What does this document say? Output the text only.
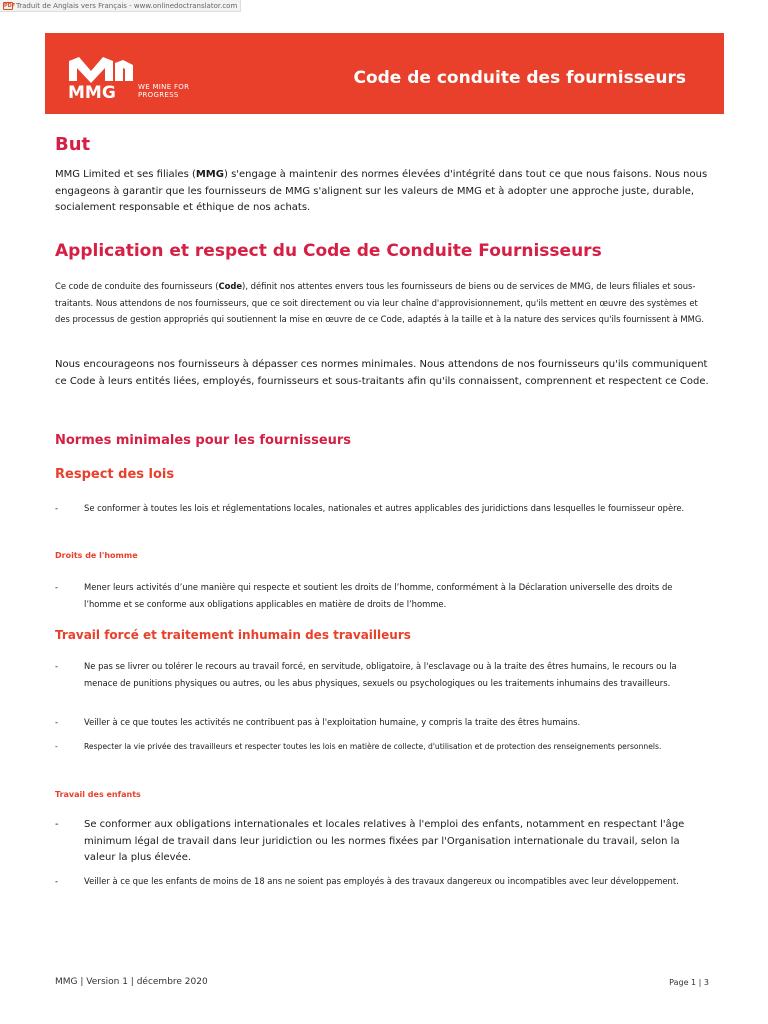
PDF Traduit de Anglais vers Français - www.onlinedoctranslator.com
MMG	WE MINE FOR
PROGRESS
Code de conduite des fournisseurs
But
MMG Limited et ses filiales (MMG) s'engage à maintenir des normes élevées d'intégrité dans tout ce que nous faisons. Nous nous engageons à garantir que les fournisseurs de MMG s'alignent sur les valeurs de MMG et à adopter une approche juste, durable, socialement responsable et éthique de nos achats.
Application et respect du Code de Conduite Fournisseurs
Ce code de conduite des fournisseurs (Code), définit nos attentes envers tous les fournisseurs de biens ou de services de MMG, de leurs filiales et sous-traitants. Nous attendons de nos fournisseurs, que ce soit directement ou via leur chaîne d'approvisionnement, qu'ils mettent en œuvre des systèmes et des processus de gestion appropriés qui soutiennent la mise en œuvre de ce Code, adaptés à la taille et à la nature des services qu'ils fournissent à MMG.
Nous encourageons nos fournisseurs à dépasser ces normes minimales. Nous attendons de nos fournisseurs qu'ils communiquent ce Code à leurs entités liées, employés, fournisseurs et sous-traitants afin qu'ils connaissent, comprennent et respectent ce Code.
Normes minimales pour les fournisseurs
Respect des lois
-	Se conformer à toutes les lois et réglementations locales, nationales et autres applicables des juridictions dans lesquelles le fournisseur opère.
Droits de l'homme
-	Mener leurs activités d’une manière qui respecte et soutient les droits de l’homme, conformément à la Déclaration universelle des droits de l’homme et se conforme aux obligations applicables en matière de droits de l’homme.
Travail forcé et traitement inhumain des travailleurs
-	Ne pas se livrer ou tolérer le recours au travail forcé, en servitude, obligatoire, à l'esclavage ou à la traite des êtres humains, le recours ou la menace de punitions physiques ou autres, ou les abus physiques, sexuels ou psychologiques ou les traitements inhumains des travailleurs.
-	Veiller à ce que toutes les activités ne contribuent pas à l'exploitation humaine, y compris la traite des êtres humains.
-	Respecter la vie privée des travailleurs et respecter toutes les lois en matière de collecte, d'utilisation et de protection des renseignements personnels.
Travail des enfants
-	Se conformer aux obligations internationales et locales relatives à l'emploi des enfants, notamment en respectant l'âge minimum légal de travail dans leur juridiction ou les normes fixées par l'Organisation internationale du travail, selon la valeur la plus élevée.
-	Veiller à ce que les enfants de moins de 18 ans ne soient pas employés à des travaux dangereux ou incompatibles avec leur développement.
MMG | Version 1 | décembre 2020	Page 1 | 3
